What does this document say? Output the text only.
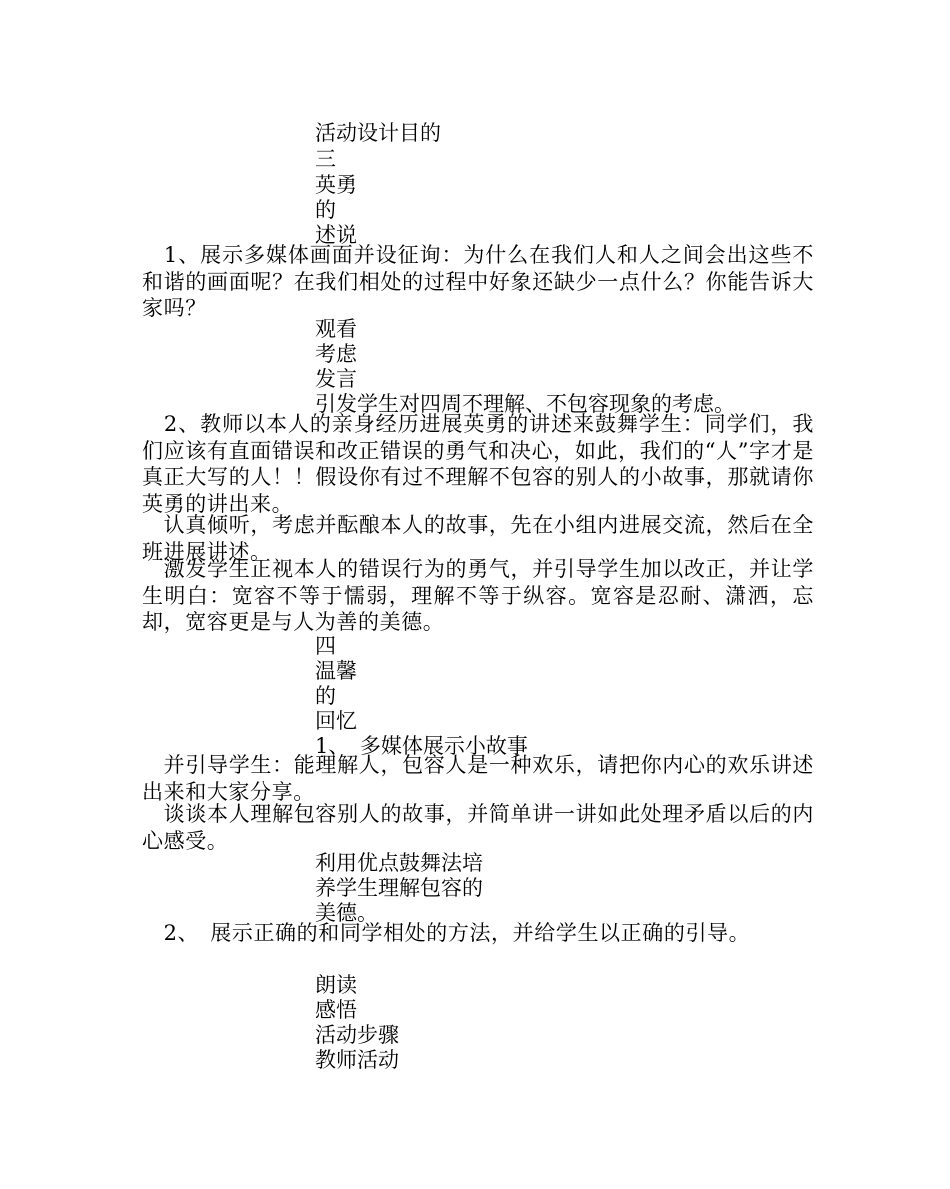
活动设计目的
三
英勇
的
述说
　1、展示多媒体画面并设征询：为什么在我们人和人之间会出这些不和谐的画面呢？在我们相处的过程中好象还缺少一点什么？你能告诉大家吗？
观看
考虑
发言
引发学生对四周不理解、不包容现象的考虑。
　2、教师以本人的亲身经历进展英勇的讲述来鼓舞学生：同学们，我们应该有直面错误和改正错误的勇气和决心，如此，我们的“人”字才是真正大写的人！！假设你有过不理解不包容的别人的小故事，那就请你英勇的讲出来。
　认真倾听，考虑并酝酿本人的故事，先在小组内进展交流，然后在全班进展讲述。
　激发学生正视本人的错误行为的勇气，并引导学生加以改正，并让学生明白：宽容不等于懦弱，理解不等于纵容。宽容是忍耐、潇洒，忘却，宽容更是与人为善的美德。
四
温馨
的
回忆
1、　多媒体展示小故事
　并引导学生：能理解人，包容人是一种欢乐，请把你内心的欢乐讲述出来和大家分享。
　谈谈本人理解包容别人的故事，并简单讲一讲如此处理矛盾以后的内心感受。
利用优点鼓舞法培
养学生理解包容的
美德。
　2、　展示正确的和同学相处的方法，并给学生以正确的引导。
朗读
感悟
活动步骤
教师活动
